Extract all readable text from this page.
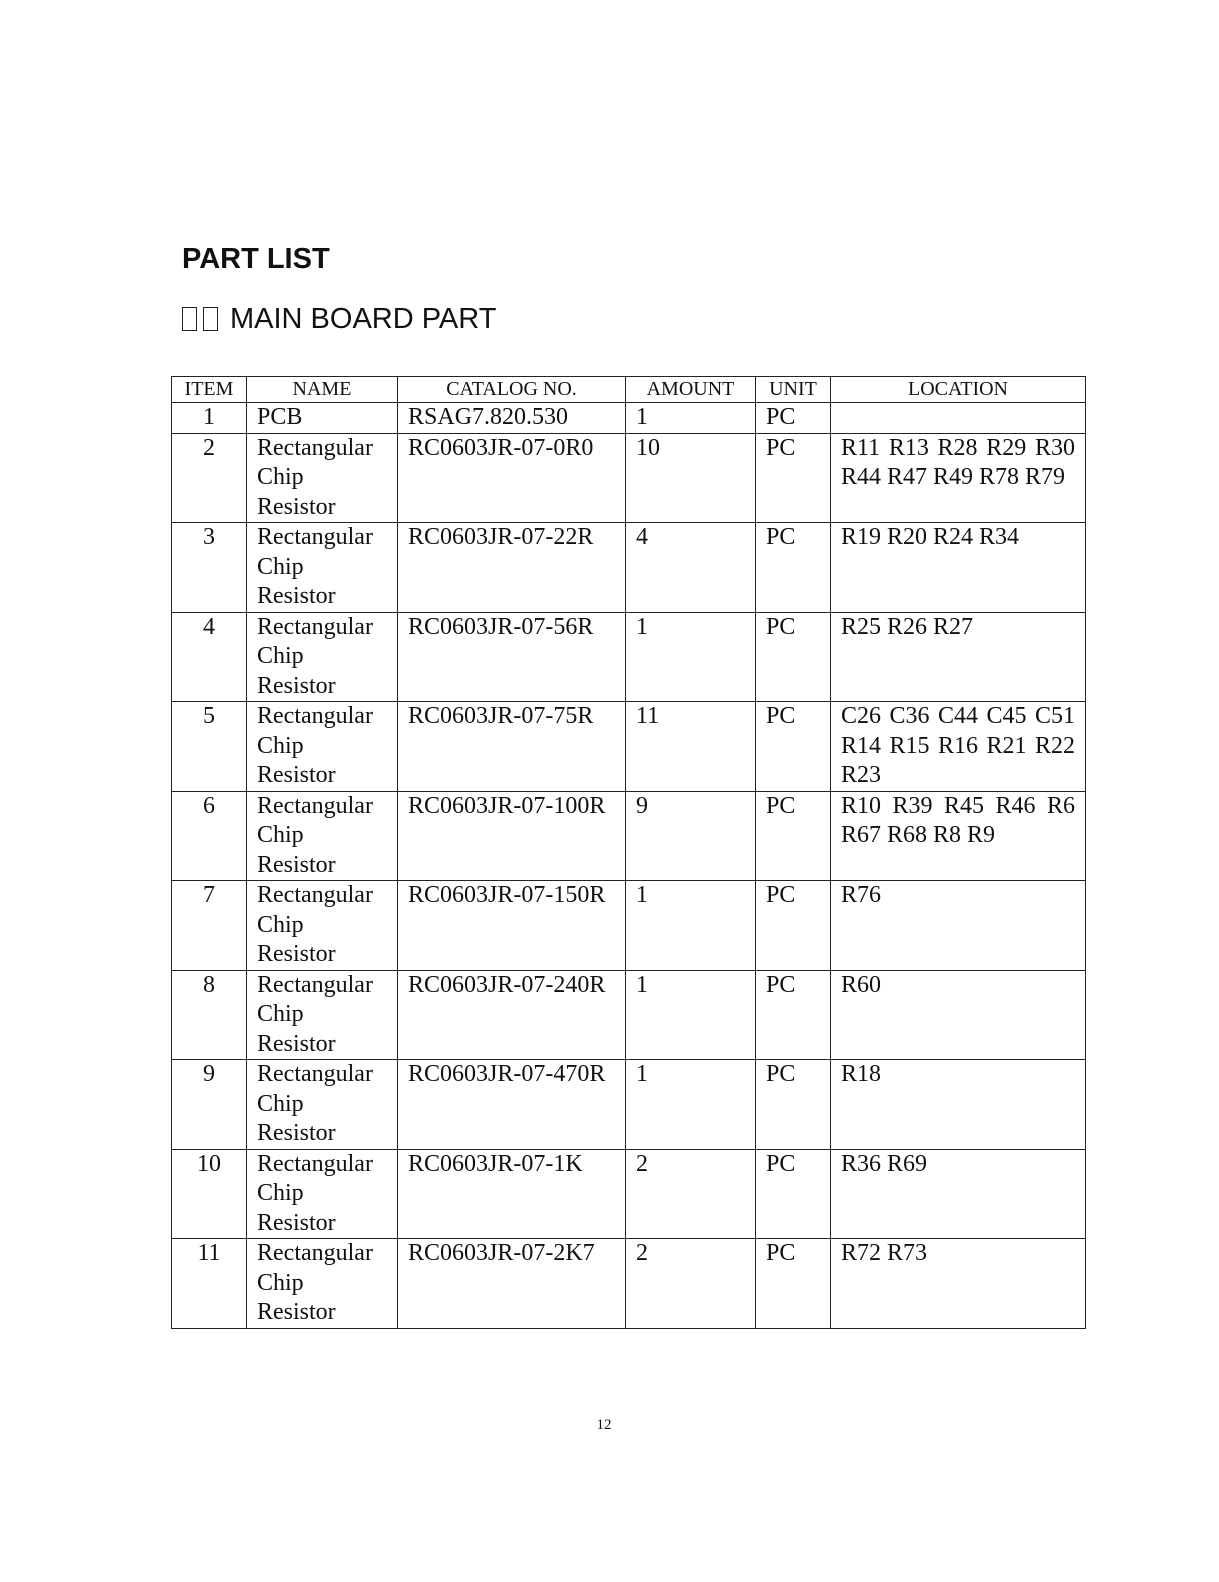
PART LIST
MAIN BOARD PART
ITEM	NAME	CATALOG NO.	AMOUNT	UNIT	LOCATION
1	PCB	RSAG7.820.530	1	PC	
2	Rectangular Chip Resistor	RC0603JR-07-0R0	10	PC	R11 R13 R28 R29 R30 R44 R47 R49 R78 R79
3	Rectangular Chip Resistor	RC0603JR-07-22R	4	PC	R19 R20 R24 R34
4	Rectangular Chip Resistor	RC0603JR-07-56R	1	PC	R25 R26 R27
5	Rectangular Chip Resistor	RC0603JR-07-75R	11	PC	C26 C36 C44 C45 C51 R14 R15 R16 R21 R22 R23
6	Rectangular Chip Resistor	RC0603JR-07-100R	9	PC	R10 R39 R45 R46 R6 R67 R68 R8 R9
7	Rectangular Chip Resistor	RC0603JR-07-150R	1	PC	R76
8	Rectangular Chip Resistor	RC0603JR-07-240R	1	PC	R60
9	Rectangular Chip Resistor	RC0603JR-07-470R	1	PC	R18
10	Rectangular Chip Resistor	RC0603JR-07-1K	2	PC	R36 R69
11	Rectangular Chip Resistor	RC0603JR-07-2K7	2	PC	R72 R73
12
